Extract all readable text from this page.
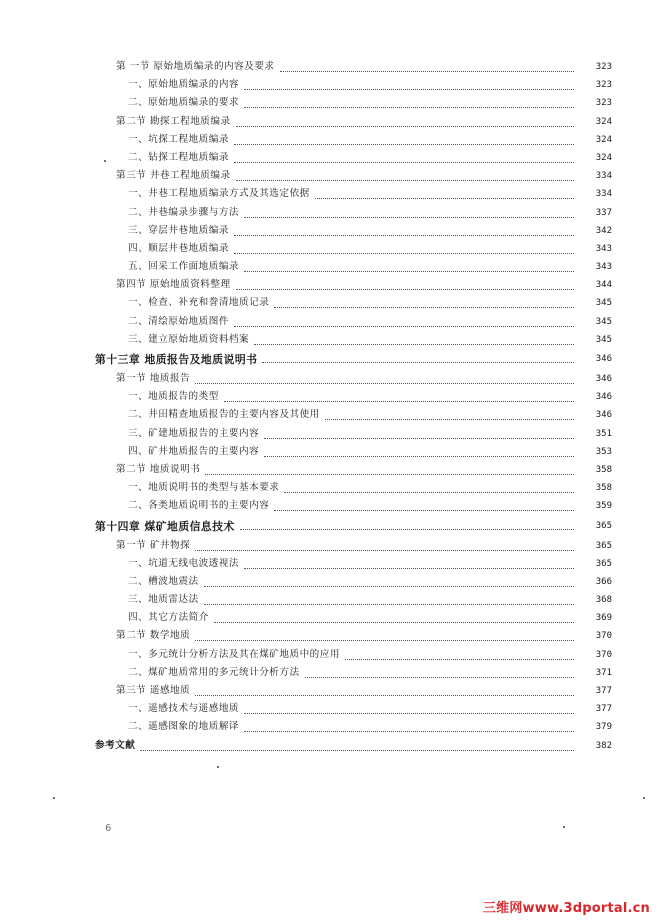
第 一节 原始地质编录的内容及要求	323
一、原始地质编录的内容	323
二、原始地质编录的要求	323
第二节 勘探工程地质编录	324
一、坑探工程地质编录	324
二、钻探工程地质编录	324
第三节 井巷工程地质编录	334
一、井巷工程地质编录方式及其选定依据	334
二、井巷编录步骤与方法	337
三、穿层井巷地质编录	342
四、顺层井巷地质编录	343
五、回采工作面地质编录	343
第四节 原始地质资料整理	344
一、检查、补充和誊清地质记录	345
二、清绘原始地质图件	345
三、建立原始地质资料档案	345
第十三章 地质报告及地质说明书	346
第一节 地质报告	346
一、地质报告的类型	346
二、井田精查地质报告的主要内容及其使用	346
三、矿建地质报告的主要内容	351
四、矿井地质报告的主要内容	353
第二节 地质说明书	358
一、地质说明书的类型与基本要求	358
二、各类地质说明书的主要内容	359
第十四章 煤矿地质信息技术	365
第一节 矿井物探	365
一、坑道无线电波透视法	365
二、槽波地震法	366
三、地质雷达法	368
四、其它方法简介	369
第二节 数学地质	370
一、多元统计分析方法及其在煤矿地质中的应用	370
二、煤矿地质常用的多元统计分析方法	371
第三节 遥感地质	377
一、遥感技术与遥感地质	377
二、遥感图象的地质解译	379
参考文献	382
6
三维网www.3dportal.cn
